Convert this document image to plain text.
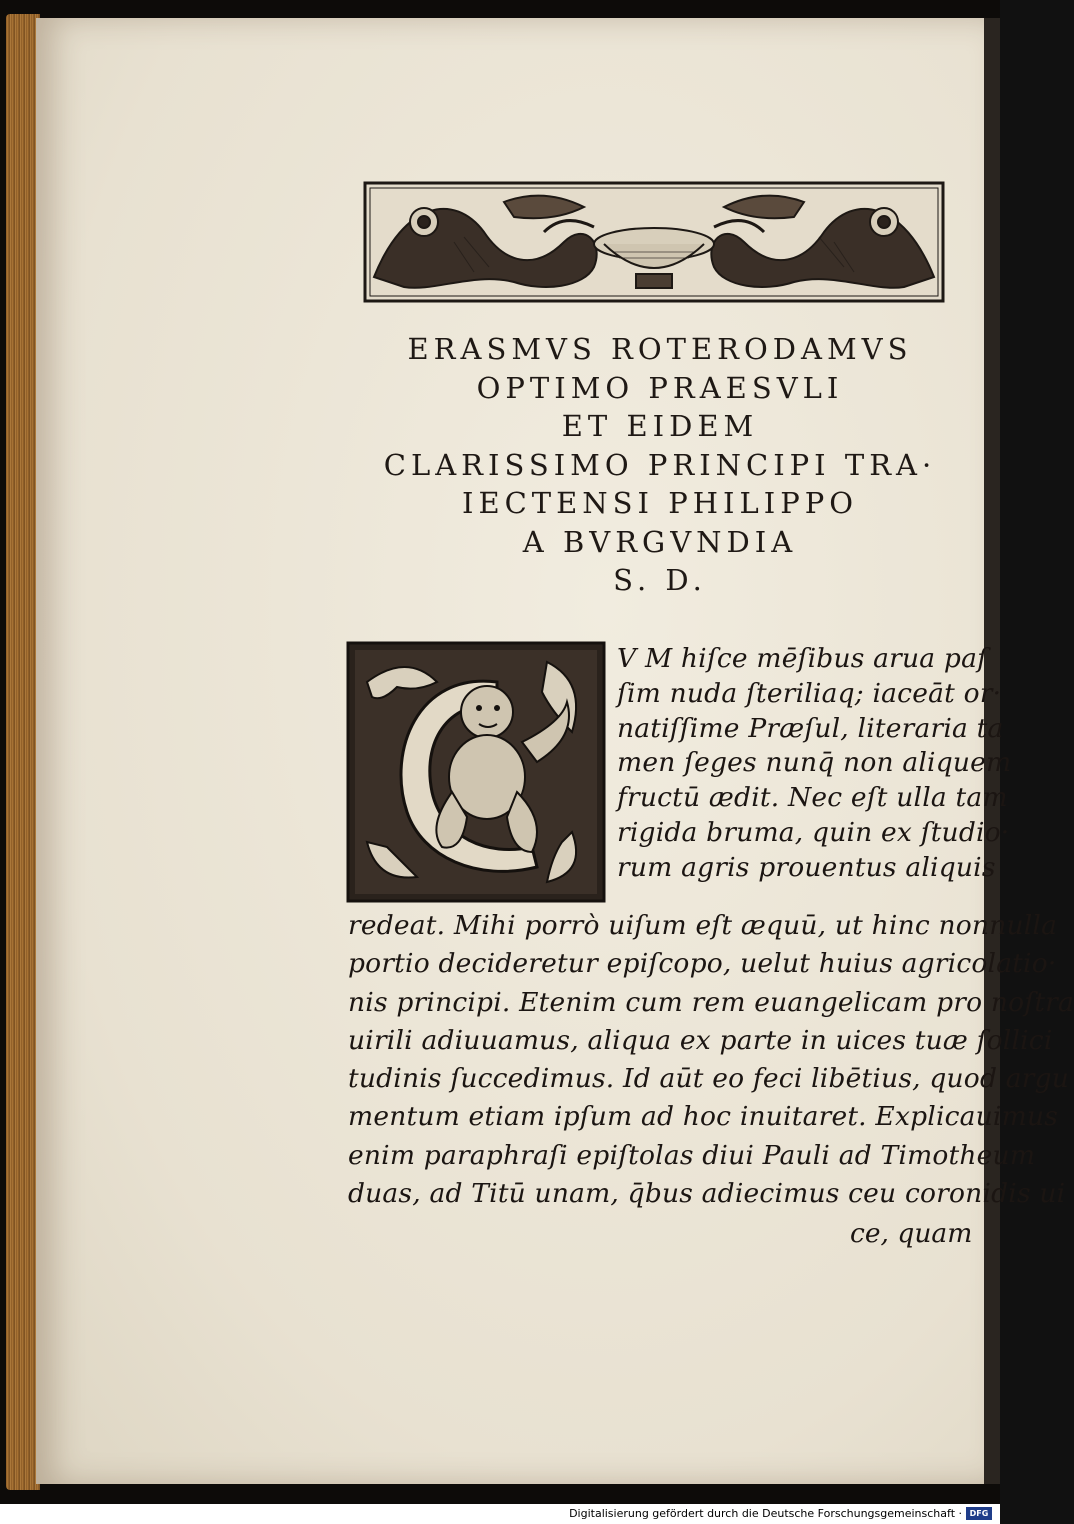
ERASMVS ROTERODAMVS
OPTIMO PRAESVLI
ET EIDEM
CLARISSIMO PRINCIPI TRA·
IECTENSI PHILIPPO
A BVRGVNDIA
S. D.
V M hiſce mēſibus arua paſ
ſim nuda ſteriliaq; iaceāt or·
natiſſime Præſul, literaria ta
men ſeges nunq̄ non aliquem
fructū ædit. Nec eſt ulla tam
rigida bruma, quin ex ſtudio·
rum agris prouentus aliquis
redeat. Mihi porrò uiſum eſt æquū, ut hinc nonnulla
portio decideretur epiſcopo, uelut huius agricolatio·
nis principi. Etenim cum rem euangelicam pro noſtra
uirili adiuuamus, aliqua ex parte in uices tuæ ſollici
tudinis ſuccedimus. Id aūt eo feci libētius, quod argu
mentum etiam ipſum ad hoc inuitaret. Explicauimus
enim paraphraſi epiſtolas diui Pauli ad Timotheum
duas, ad Titū unam, q̄bus adiecimus ceu coronidis ui
ce, quam
Digitalisierung gefördert durch die Deutsche Forschungsgemeinschaft · DFG
